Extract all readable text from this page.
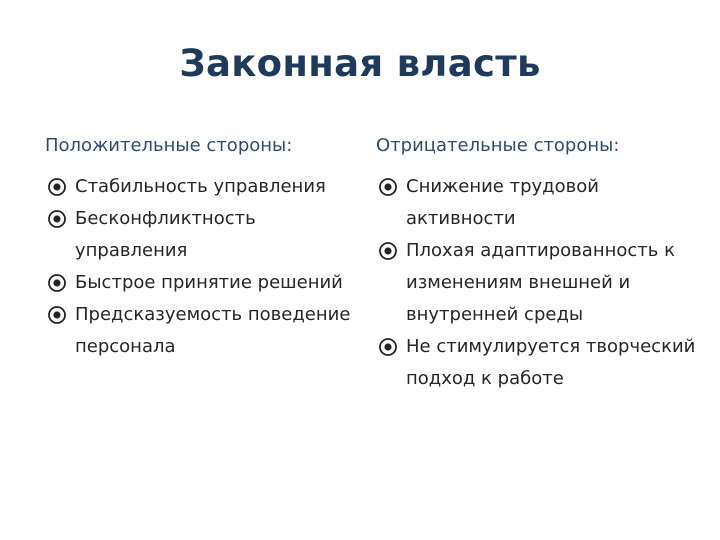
Законная власть
Положительные стороны:
Стабильность управления
Бесконфликтность управления
Быстрое принятие решений
Предсказуемость поведение персонала
Отрицательные стороны:
Снижение трудовой активности
Плохая адаптированность к изменениям внешней и внутренней среды
Не стимулируется творческий подход к работе
